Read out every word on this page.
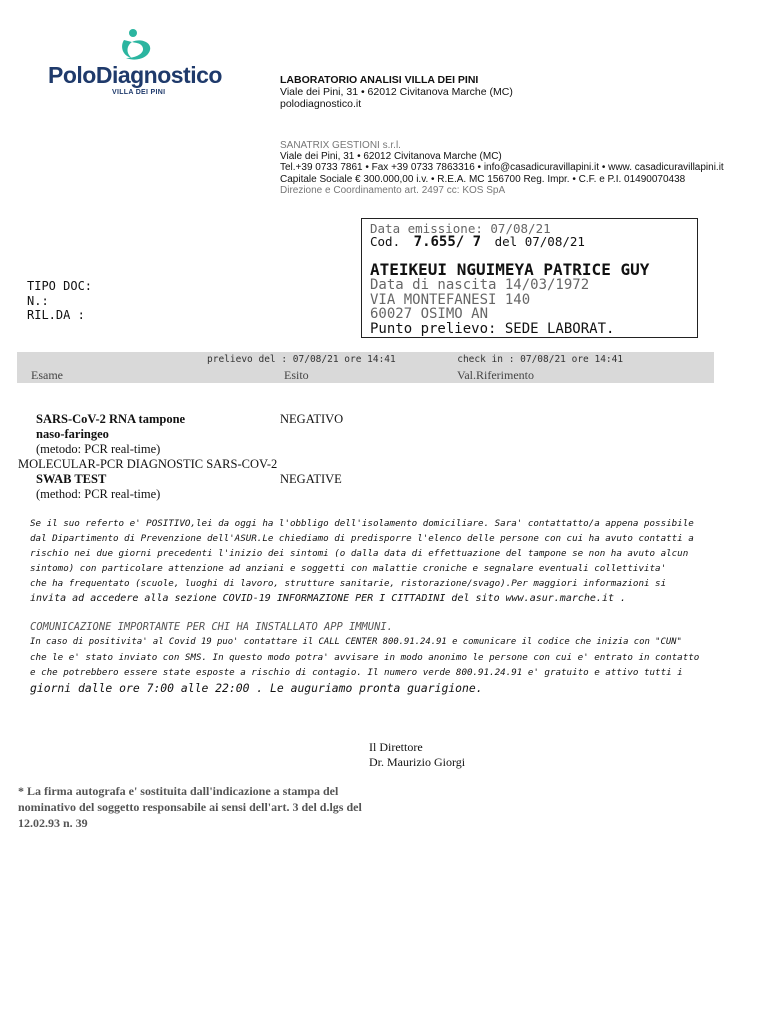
PoloDiagnostico
VILLA DEI PINI
LABORATORIO ANALISI VILLA DEI PINI
Viale dei Pini, 31 • 62012 Civitanova Marche (MC)
polodiagnostico.it
SANATRIX GESTIONI s.r.l.
Viale dei Pini, 31 • 62012 Civitanova Marche (MC)
Tel.+39 0733 7861 • Fax +39 0733 7863316 • info@casadicuravillapini.it • www. casadicuravillapini.it
Capitale Sociale € 300.000,00 i.v. • R.E.A. MC 156700 Reg. Impr. • C.F. e P.I. 01490070438
Direzione e Coordinamento art. 2497 cc: KOS SpA
Data emissione: 07/08/21
Cod. 7.655/ 7 del 07/08/21
ATEIKEUI NGUIMEYA PATRICE GUY
Data di nascita 14/03/1972
VIA MONTEFANESI 140
60027 OSIMO AN
Punto prelievo: SEDE LABORAT.
TIPO DOC:
N.:
RIL.DA :
prelievo del : 07/08/21 ore 14:41	check in : 07/08/21 ore 14:41
Esame	Esito	Val.Riferimento
SARS-CoV-2 RNA tampone
naso-faringeo
(metodo: PCR real-time)
NEGATIVO
MOLECULAR-PCR DIAGNOSTIC SARS-COV-2
SWAB TEST
(method: PCR real-time)
NEGATIVE
Se il suo referto e' POSITIVO,lei da oggi ha l'obbligo dell'isolamento domiciliare. Sara' contattatto/a appena possibile
dal Dipartimento di Prevenzione dell'ASUR.Le chiediamo di predisporre l'elenco delle persone con cui ha avuto contatti a
rischio nei due giorni precedenti l'inizio dei sintomi (o dalla data di effettuazione del tampone se non ha avuto alcun
sintomo) con particolare attenzione ad anziani e soggetti con malattie croniche e segnalare eventuali collettivita'
che ha frequentato (scuole, luoghi di lavoro, strutture sanitarie, ristorazione/svago).Per maggiori informazioni si
invita ad accedere alla sezione COVID-19 INFORMAZIONE PER I CITTADINI del sito www.asur.marche.it .
COMUNICAZIONE IMPORTANTE PER CHI HA INSTALLATO APP IMMUNI.
In caso di positivita' al Covid 19 puo' contattare il CALL CENTER 800.91.24.91 e comunicare il codice che inizia con "CUN"
che le e' stato inviato con SMS. In questo modo potra' avvisare in modo anonimo le persone con cui e' entrato in contatto
e che potrebbero essere state esposte a rischio di contagio. Il numero verde 800.91.24.91 e' gratuito e attivo tutti i
giorni dalle ore 7:00 alle 22:00 . Le auguriamo pronta guarigione.
Il Direttore
Dr. Maurizio Giorgi
* La firma autografa e' sostituita dall'indicazione a stampa del nominativo del soggetto responsabile ai sensi dell'art. 3 del d.lgs del 12.02.93 n. 39
